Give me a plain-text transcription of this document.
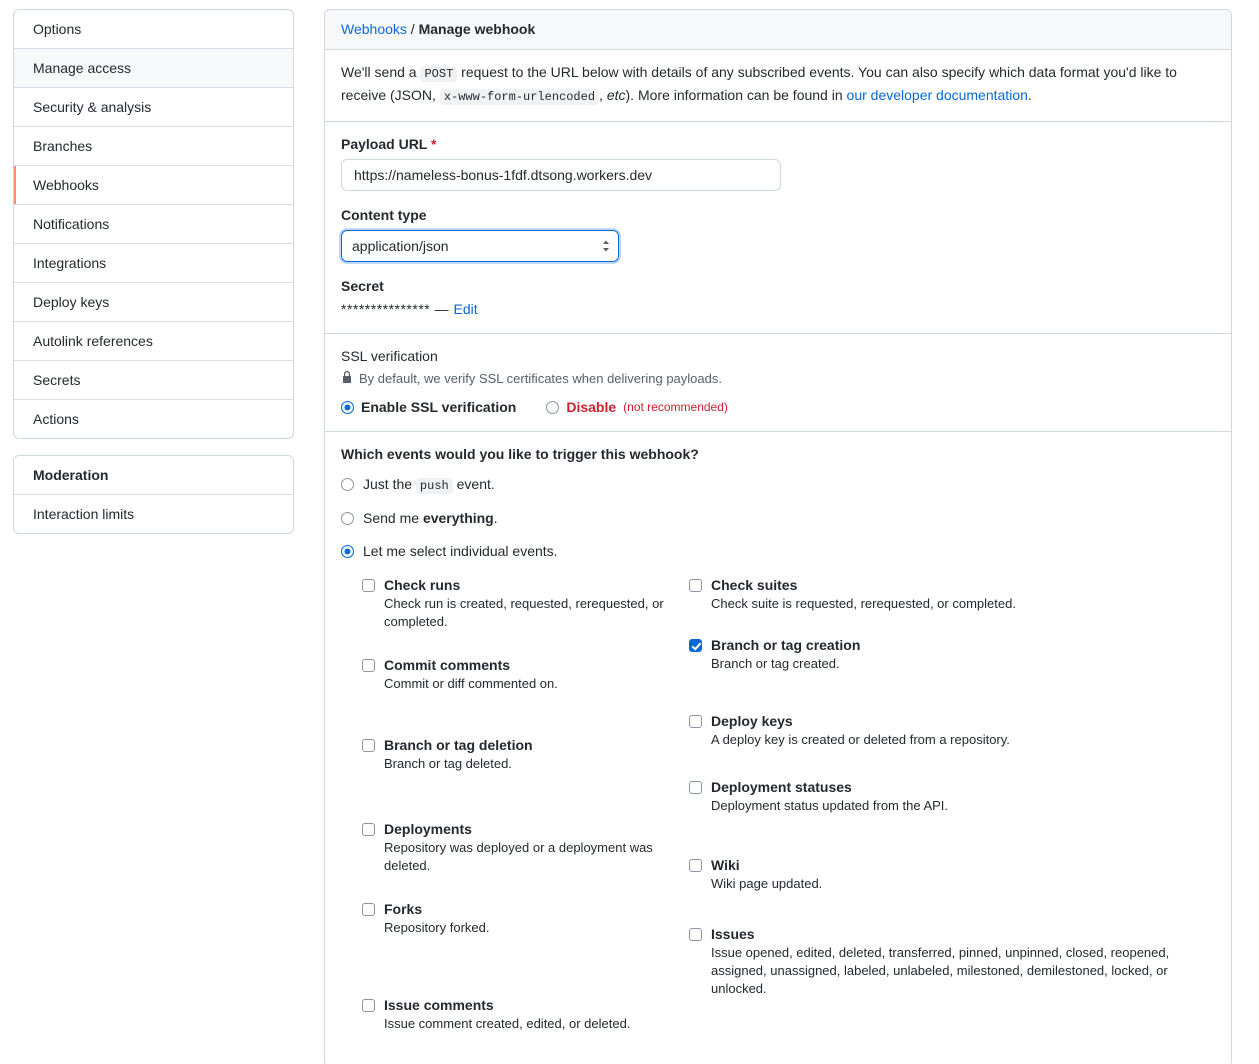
Options
Manage access
Security & analysis
Branches
Webhooks
Notifications
Integrations
Deploy keys
Autolink references
Secrets
Actions
Moderation
Interaction limits
Webhooks / Manage webhook
We'll send a POST request to the URL below with details of any subscribed events. You can also specify which data format you'd like to receive (JSON, x-www-form-urlencoded , etc). More information can be found in our developer documentation.
Payload URL *
https://nameless-bonus-1fdf.dtsong.workers.dev
Content type
application/json
Secret
*************** — Edit
SSL verification
By default, we verify SSL certificates when delivering payloads.
Enable SSL verification	Disable (not recommended)
Which events would you like to trigger this webhook?
Just the push event.
Send me everything.
Let me select individual events.
Check runs
Check run is created, requested, rerequested, or completed.
Commit comments
Commit or diff commented on.
Branch or tag deletion
Branch or tag deleted.
Deployments
Repository was deployed or a deployment was deleted.
Forks
Repository forked.
Issue comments
Issue comment created, edited, or deleted.
Check suites
Check suite is requested, rerequested, or completed.
Branch or tag creation
Branch or tag created.
Deploy keys
A deploy key is created or deleted from a repository.
Deployment statuses
Deployment status updated from the API.
Wiki
Wiki page updated.
Issues
Issue opened, edited, deleted, transferred, pinned, unpinned, closed, reopened, assigned, unassigned, labeled, unlabeled, milestoned, demilestoned, locked, or unlocked.
